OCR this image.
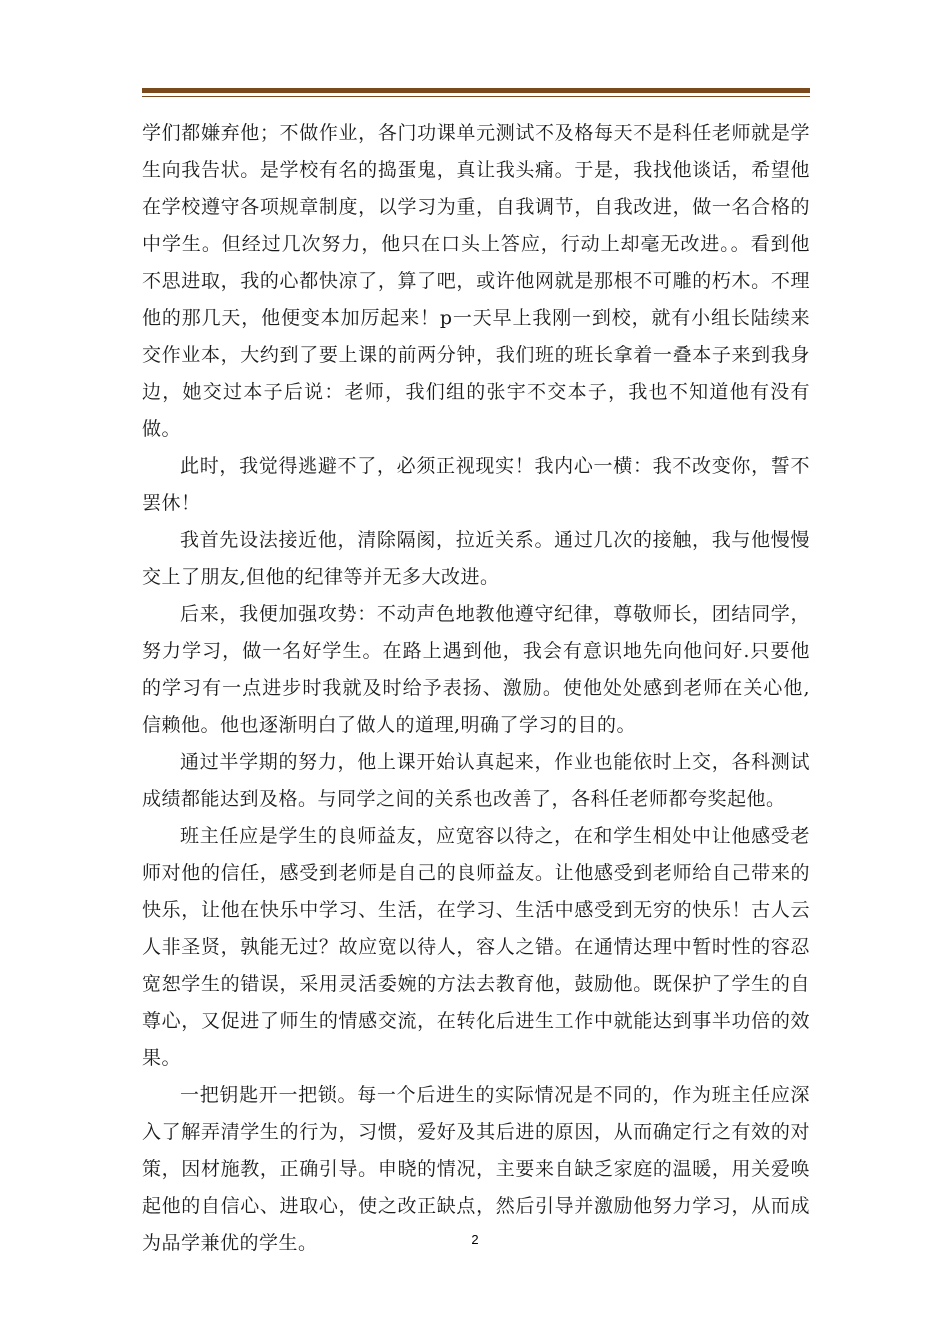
学们都嫌弃他；不做作业，各门功课单元测试不及格每天不是科任老师就是学生向我告状。是学校有名的捣蛋鬼，真让我头痛。于是，我找他谈话，希望他在学校遵守各项规章制度，以学习为重，自我调节，自我改进，做一名合格的中学生。但经过几次努力，他只在口头上答应，行动上却毫无改进。。看到他不思进取，我的心都快凉了，算了吧，或许他网就是那根不可雕的朽木。不理他的那几天，他便变本加厉起来！p一天早上我刚一到校，就有小组长陆续来交作业本，大约到了要上课的前两分钟，我们班的班长拿着一叠本子来到我身边，她交过本子后说：老师，我们组的张宇不交本子，我也不知道他有没有做。

此时，我觉得逃避不了，必须正视现实！我内心一横：我不改变你，誓不罢休！

我首先设法接近他，清除隔阂，拉近关系。通过几次的接触，我与他慢慢交上了朋友,但他的纪律等并无多大改进。

后来，我便加强攻势：不动声色地教他遵守纪律，尊敬师长，团结同学，努力学习，做一名好学生。在路上遇到他，我会有意识地先向他问好.只要他的学习有一点进步时我就及时给予表扬、激励。使他处处感到老师在关心他,信赖他。他也逐渐明白了做人的道理,明确了学习的目的。

通过半学期的努力，他上课开始认真起来，作业也能依时上交，各科测试成绩都能达到及格。与同学之间的关系也改善了，各科任老师都夸奖起他。

班主任应是学生的良师益友，应宽容以待之，在和学生相处中让他感受老师对他的信任，感受到老师是自己的良师益友。让他感受到老师给自己带来的快乐，让他在快乐中学习、生活，在学习、生活中感受到无穷的快乐！古人云人非圣贤，孰能无过？故应宽以待人，容人之错。在通情达理中暂时性的容忍宽恕学生的错误，采用灵活委婉的方法去教育他，鼓励他。既保护了学生的自尊心，又促进了师生的情感交流，在转化后进生工作中就能达到事半功倍的效果。

一把钥匙开一把锁。每一个后进生的实际情况是不同的，作为班主任应深入了解弄清学生的行为，习惯，爱好及其后进的原因，从而确定行之有效的对策，因材施教，正确引导。申晓的情况，主要来自缺乏家庭的温暖，用关爱唤起他的自信心、进取心，使之改正缺点，然后引导并激励他努力学习，从而成为品学兼优的学生。	2
